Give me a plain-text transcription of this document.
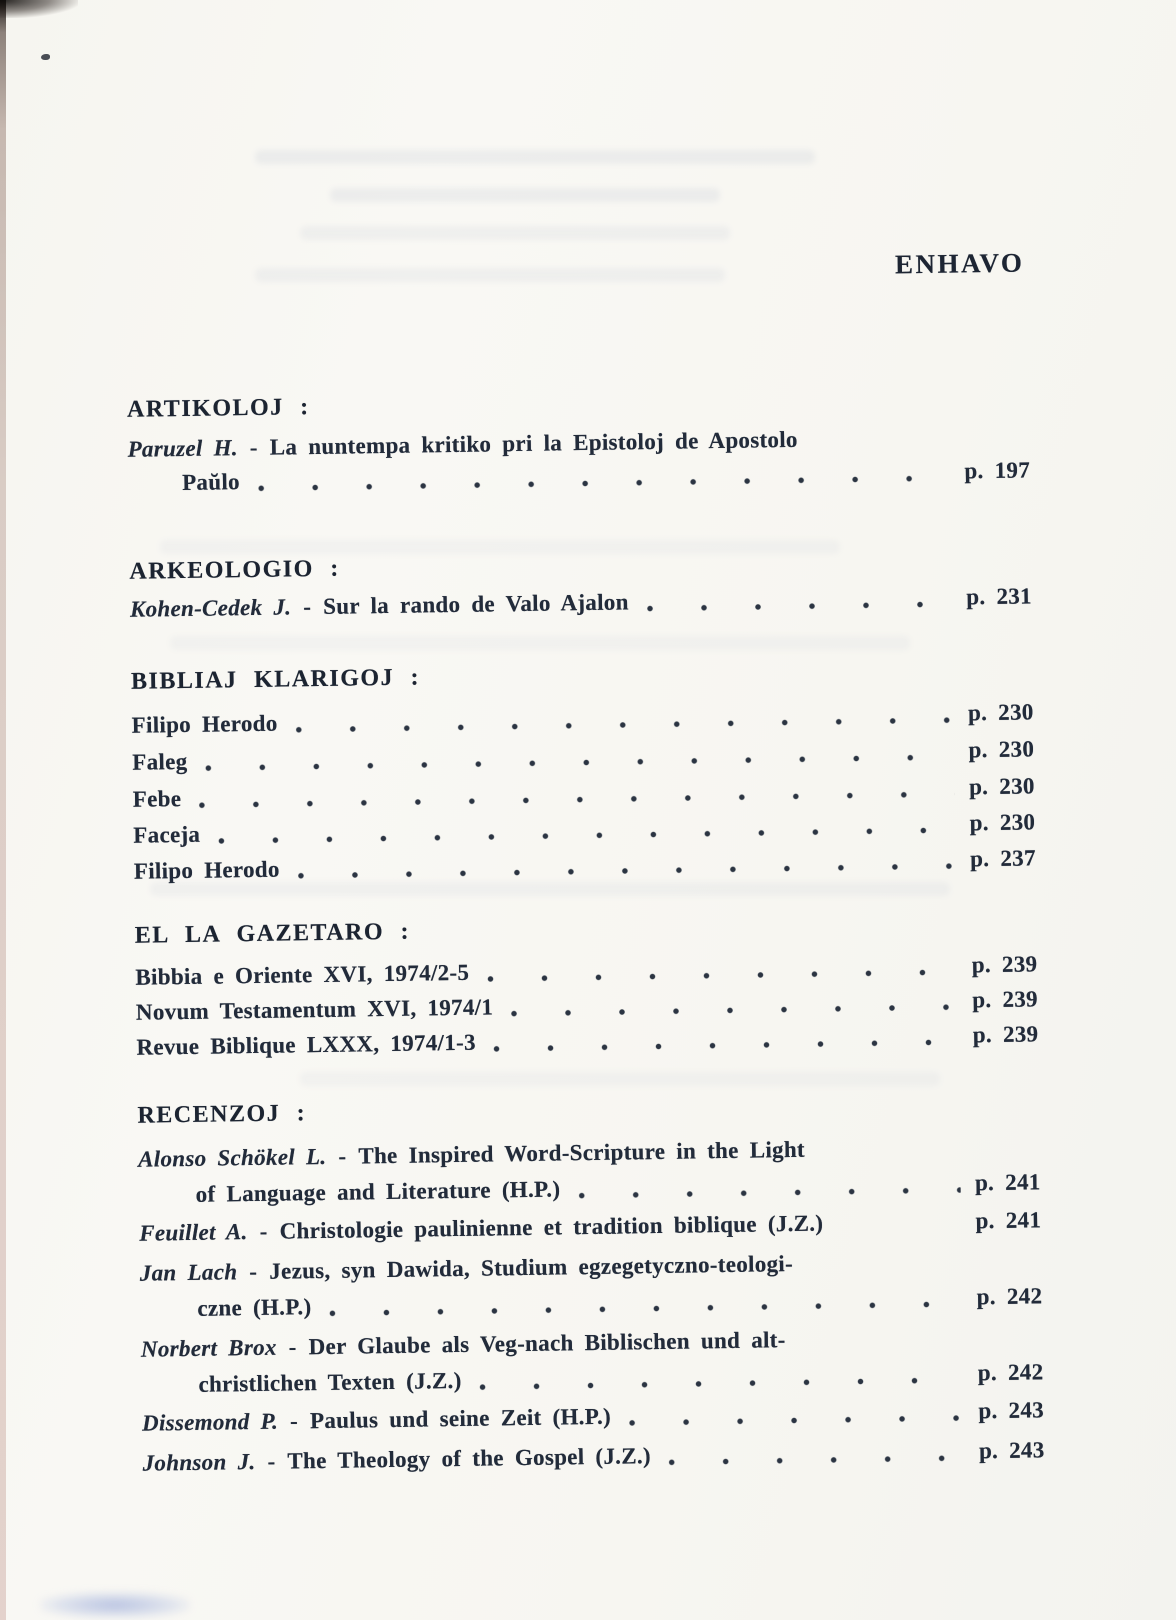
ENHAVO
ARTIKOLOJ :
Paruzel H. - La nuntempa kritiko pri la Epistoloj de Apostolo
Paŭlo	p. 197
ARKEOLOGIO :
Kohen-Cedek J. - Sur la rando de Valo Ajalon	p. 231
BIBLIAJ KLARIGOJ :
Filipo Herodo	p. 230
Faleg	p. 230
Febe	p. 230
Faceja	p. 230
Filipo Herodo	p. 237
EL LA GAZETARO :
Bibbia e Oriente XVI, 1974/2-5	p. 239
Novum Testamentum XVI, 1974/1	p. 239
Revue Biblique LXXX, 1974/1-3	p. 239
RECENZOJ :
Alonso Schökel L. - The Inspired Word-Scripture in the Light
of Language and Literature (H.P.)	p. 241
Feuillet A. - Christologie paulinienne et tradition biblique (J.Z.)	p. 241
Jan Lach - Jezus, syn Dawida, Studium egzegetyczno-teologi-
czne (H.P.)	p. 242
Norbert Brox - Der Glaube als Veg-nach Biblischen und alt-
christlichen Texten (J.Z.)	p. 242
Dissemond P. - Paulus und seine Zeit (H.P.)	p. 243
Johnson J. - The Theology of the Gospel (J.Z.)	p. 243
